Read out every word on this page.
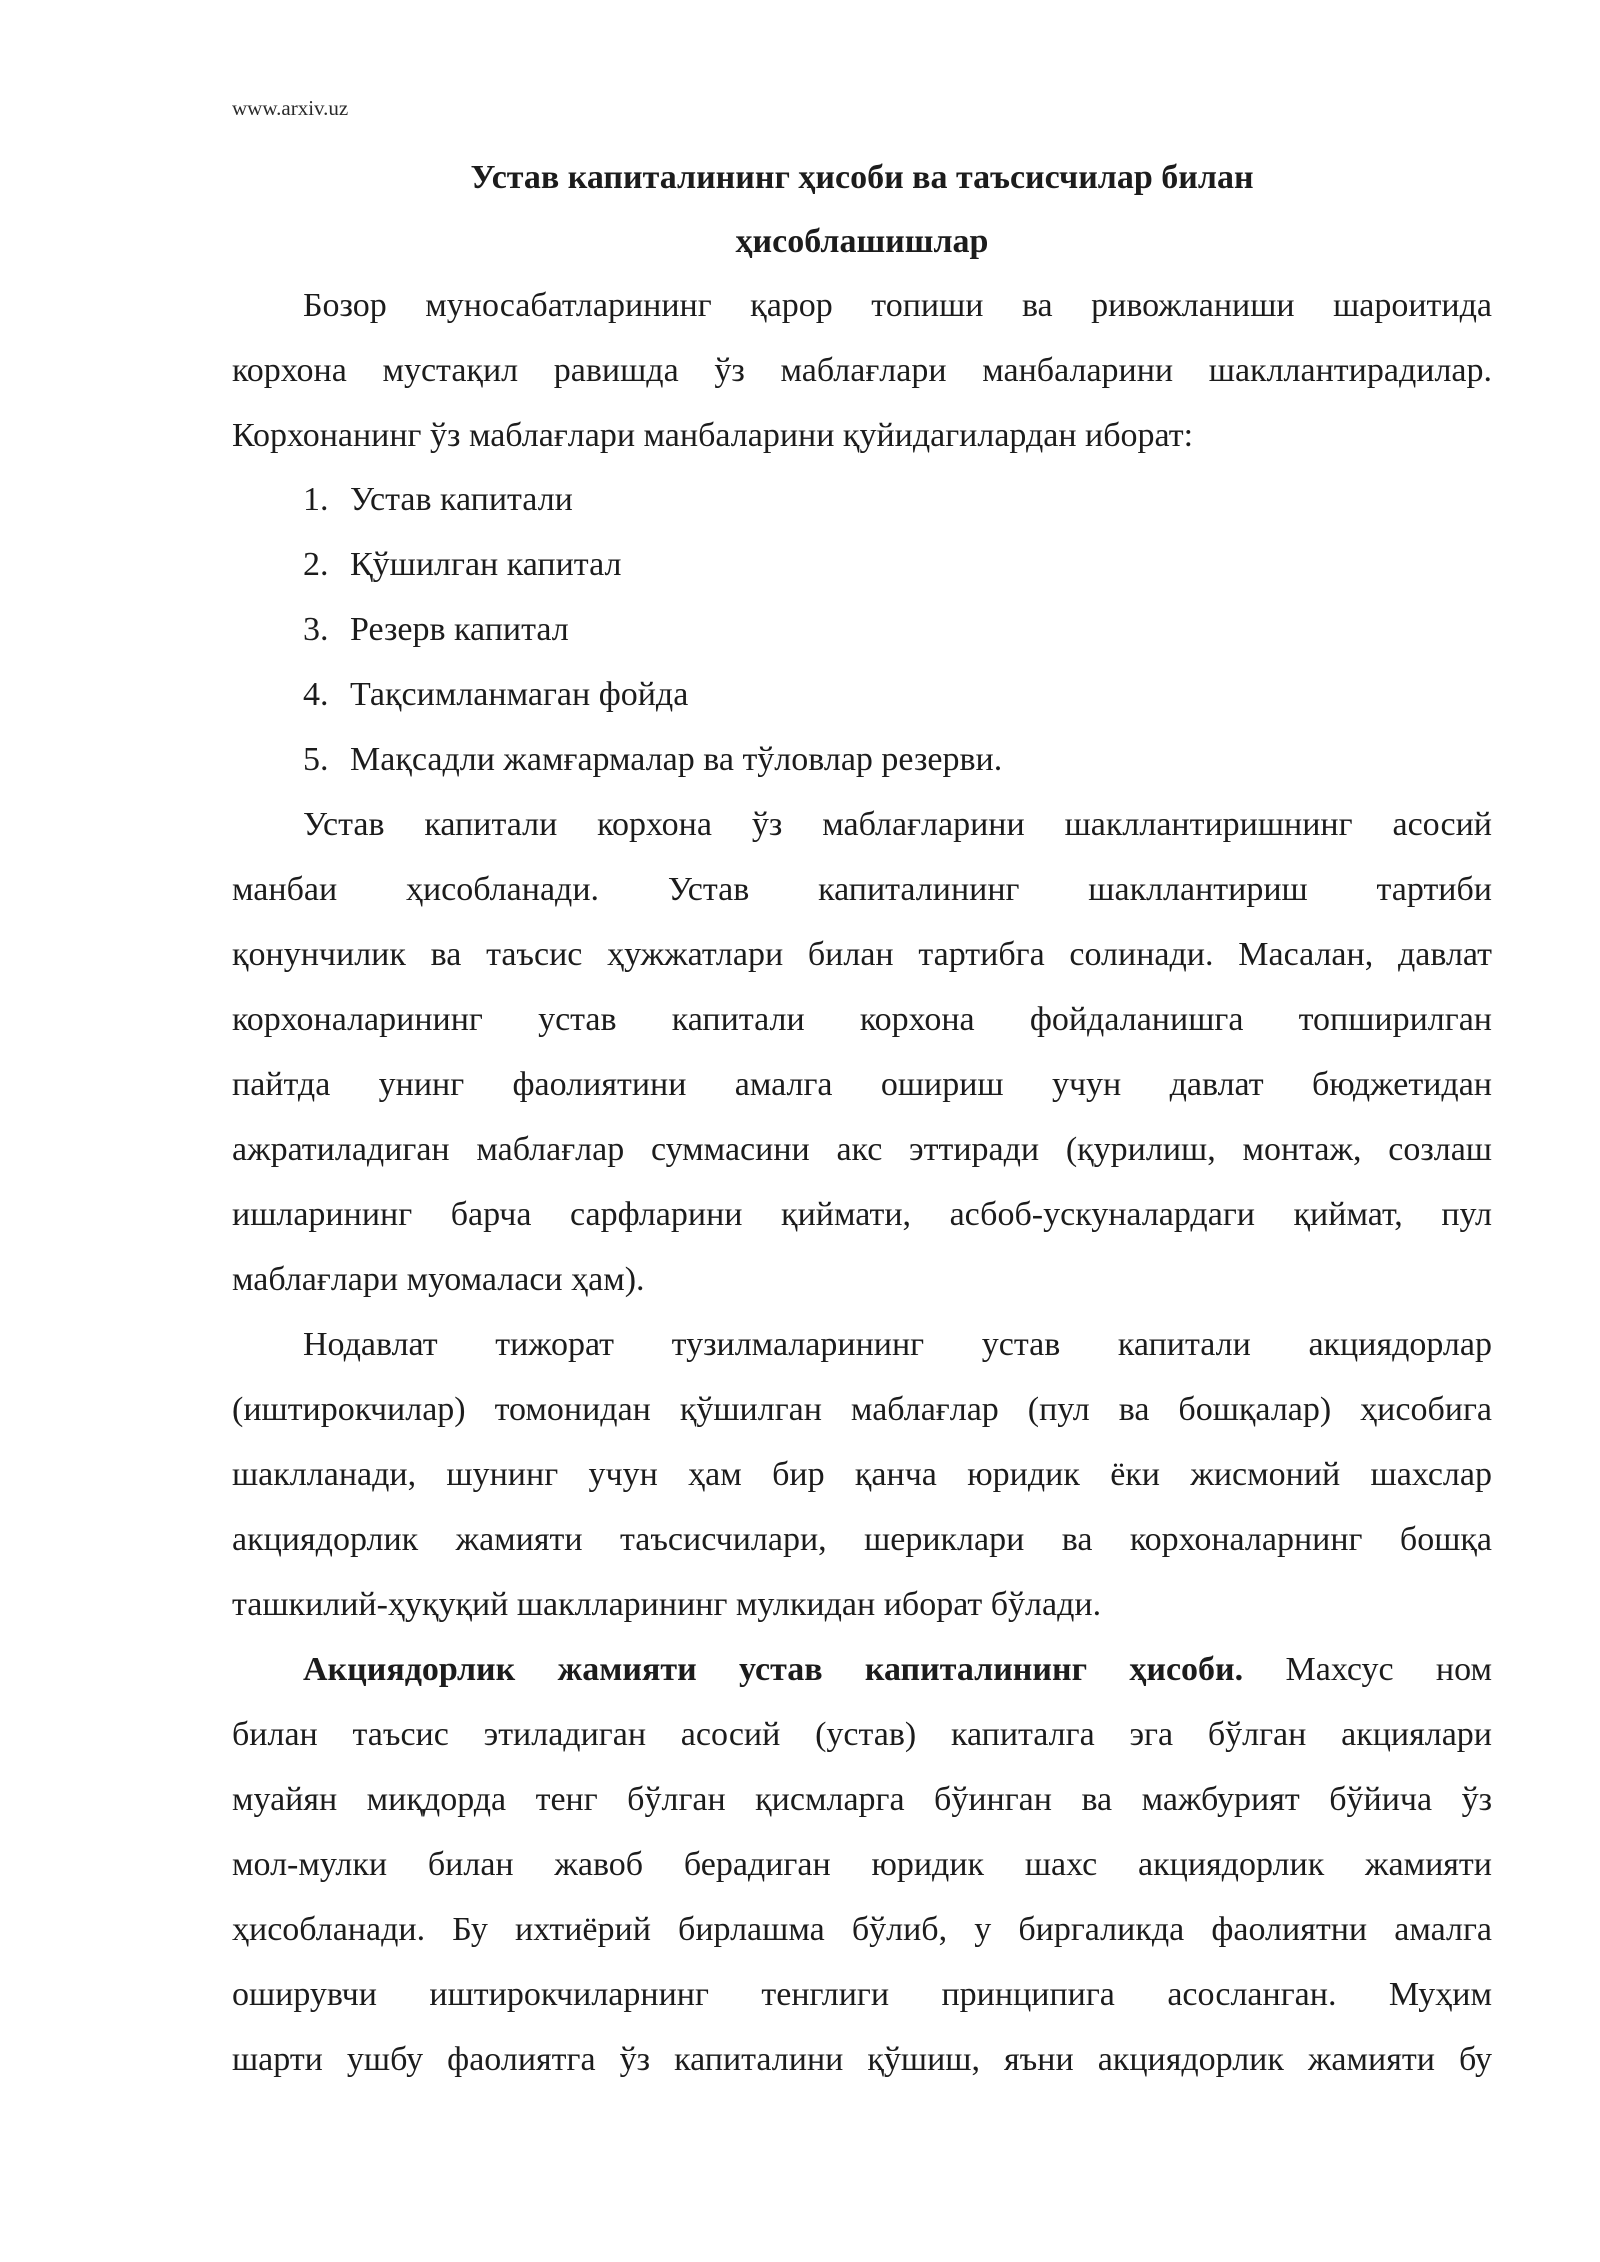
www.arxiv.uz
Устав капиталининг ҳисоби ва таъсисчилар билан
ҳисоблашишлар
Бозор муносабатларининг қарор топиши ва ривожланиши шароитида
корхона мустақил равишда ўз маблағлари манбаларини шакллантирадилар.
Корхонанинг ўз маблағлари манбаларини қуйидагилардан иборат:
1. Устав капитали
2. Қўшилган капитал
3. Резерв капитал
4. Тақсимланмаган фойда
5. Мақсадли жамғармалар ва тўловлар резерви.
Устав капитали корхона ўз маблағларини шакллантиришнинг асосий
манбаи ҳисобланади. Устав капиталининг шакллантириш тартиби
қонунчилик ва таъсис ҳужжатлари билан тартибга солинади. Масалан, давлат
корхоналарининг устав капитали корхона фойдаланишга топширилган
пайтда унинг фаолиятини амалга ошириш учун давлат бюджетидан
ажратиладиган маблағлар суммасини акс эттиради (қурилиш, монтаж, созлаш
ишларининг барча сарфларини қиймати, асбоб-ускуналардаги қиймат, пул
маблағлари муомаласи ҳам).
Нодавлат тижорат тузилмаларининг устав капитали акциядорлар
(иштирокчилар) томонидан қўшилган маблағлар (пул ва бошқалар) ҳисобига
шаклланади, шунинг учун ҳам бир қанча юридик ёки жисмоний шахслар
акциядорлик жамияти таъсисчилари, шериклари ва корхоналарнинг бошқа
ташкилий-ҳуқуқий шаклларининг мулкидан иборат бўлади.
Акциядорлик жамияти устав капиталининг ҳисоби. Махсус ном
билан таъсис этиладиган асосий (устав) капиталга эга бўлган акциялари
муайян миқдорда тенг бўлган қисмларга бўинган ва мажбурият бўйича ўз
мол-мулки билан жавоб берадиган юридик шахс акциядорлик жамияти
ҳисобланади. Бу ихтиёрий бирлашма бўлиб, у биргаликда фаолиятни амалга
оширувчи иштирокчиларнинг тенглиги принципига асосланган. Муҳим
шарти ушбу фаолиятга ўз капиталини қўшиш, яъни акциядорлик жамияти бу
